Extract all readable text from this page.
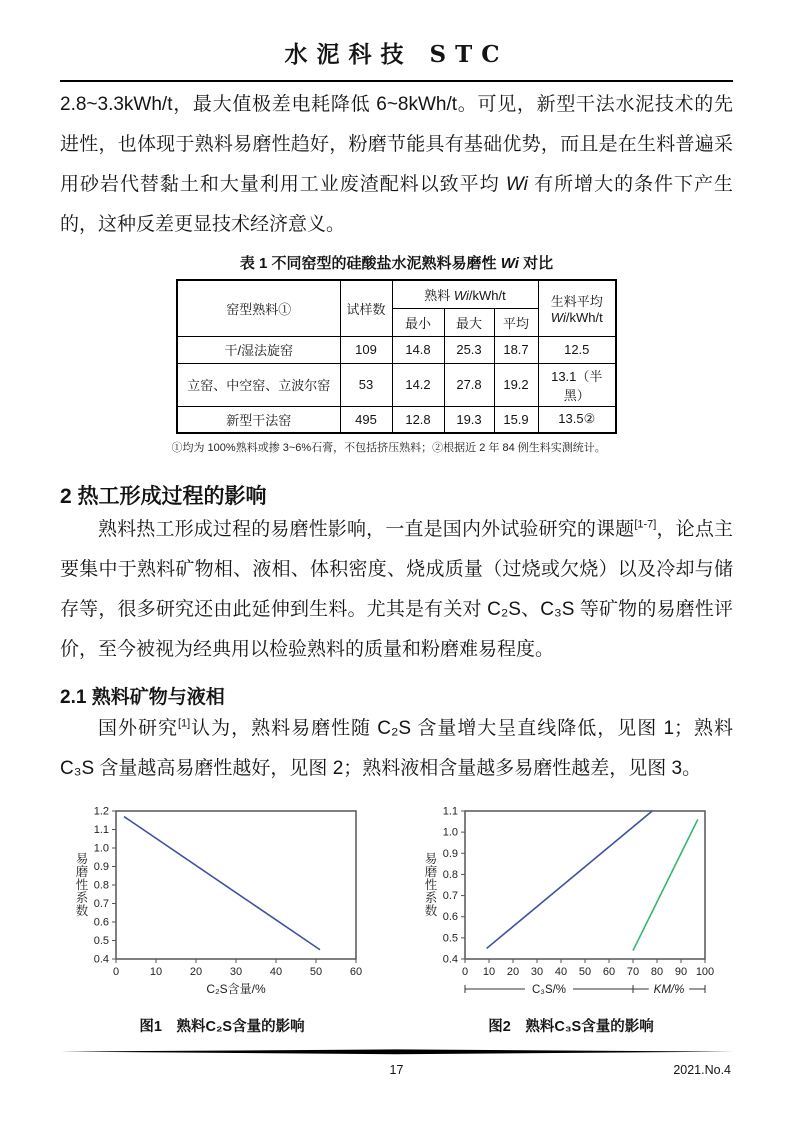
水泥科技 STC

2.8~3.3kWh/t，最大值极差电耗降低 6~8kWh/t。可见，新型干法水泥技术的先进性，也体现于熟料易磨性趋好，粉磨节能具有基础优势，而且是在生料普遍采用砂岩代替黏土和大量利用工业废渣配料以致平均 Wi 有所增大的条件下产生的，这种反差更显技术经济意义。

表 1 不同窑型的硅酸盐水泥熟料易磨性 Wi 对比
窑型熟料①	试样数	熟料 Wi/kWh/t			生料平均
Wi/kWh/t
		最小	最大	平均	
干/湿法旋窑	109	14.8	25.3	18.7	12.5
立窑、中空窑、立波尔窑	53	14.2	27.8	19.2	13.1（半黑）
新型干法窑	495	12.8	19.3	15.9	13.5②
①均为 100%熟料或掺 3~6%石膏，不包括挤压熟料；②根据近 2 年 84 例生料实测统计。
2 热工形成过程的影响

熟料热工形成过程的易磨性影响，一直是国内外试验研究的课题[1-7]，论点主要集中于熟料矿物相、液相、体积密度、烧成质量（过烧或欠烧）以及冷却与储存等，很多研究还由此延伸到生料。尤其是有关对 C₂S、C₃S 等矿物的易磨性评价，至今被视为经典用以检验熟料的质量和粉磨难易程度。

2.1 熟料矿物与液相

国外研究[1]认为，熟料易磨性随 C₂S 含量增大呈直线降低，见图 1；熟料 C₃S 含量越高易磨性越好，见图 2；熟料液相含量越多易磨性越差，见图 3。

0.4
0.5
0.6
0.7
0.8
0.9
1.0
1.1
1.2
0	10	20	30	40	50	60
易磨性系数
C₂S含量/%
图1　熟料C₂S含量的影响
0.4
0.5
0.6
0.7
0.8
0.9
1.0
1.1
0 10 20 30 40 50 60 70 80 90 100
易磨性系数
C₃S/%	KM/%
图2　熟料C₃S含量的影响
17	2021.No.4
